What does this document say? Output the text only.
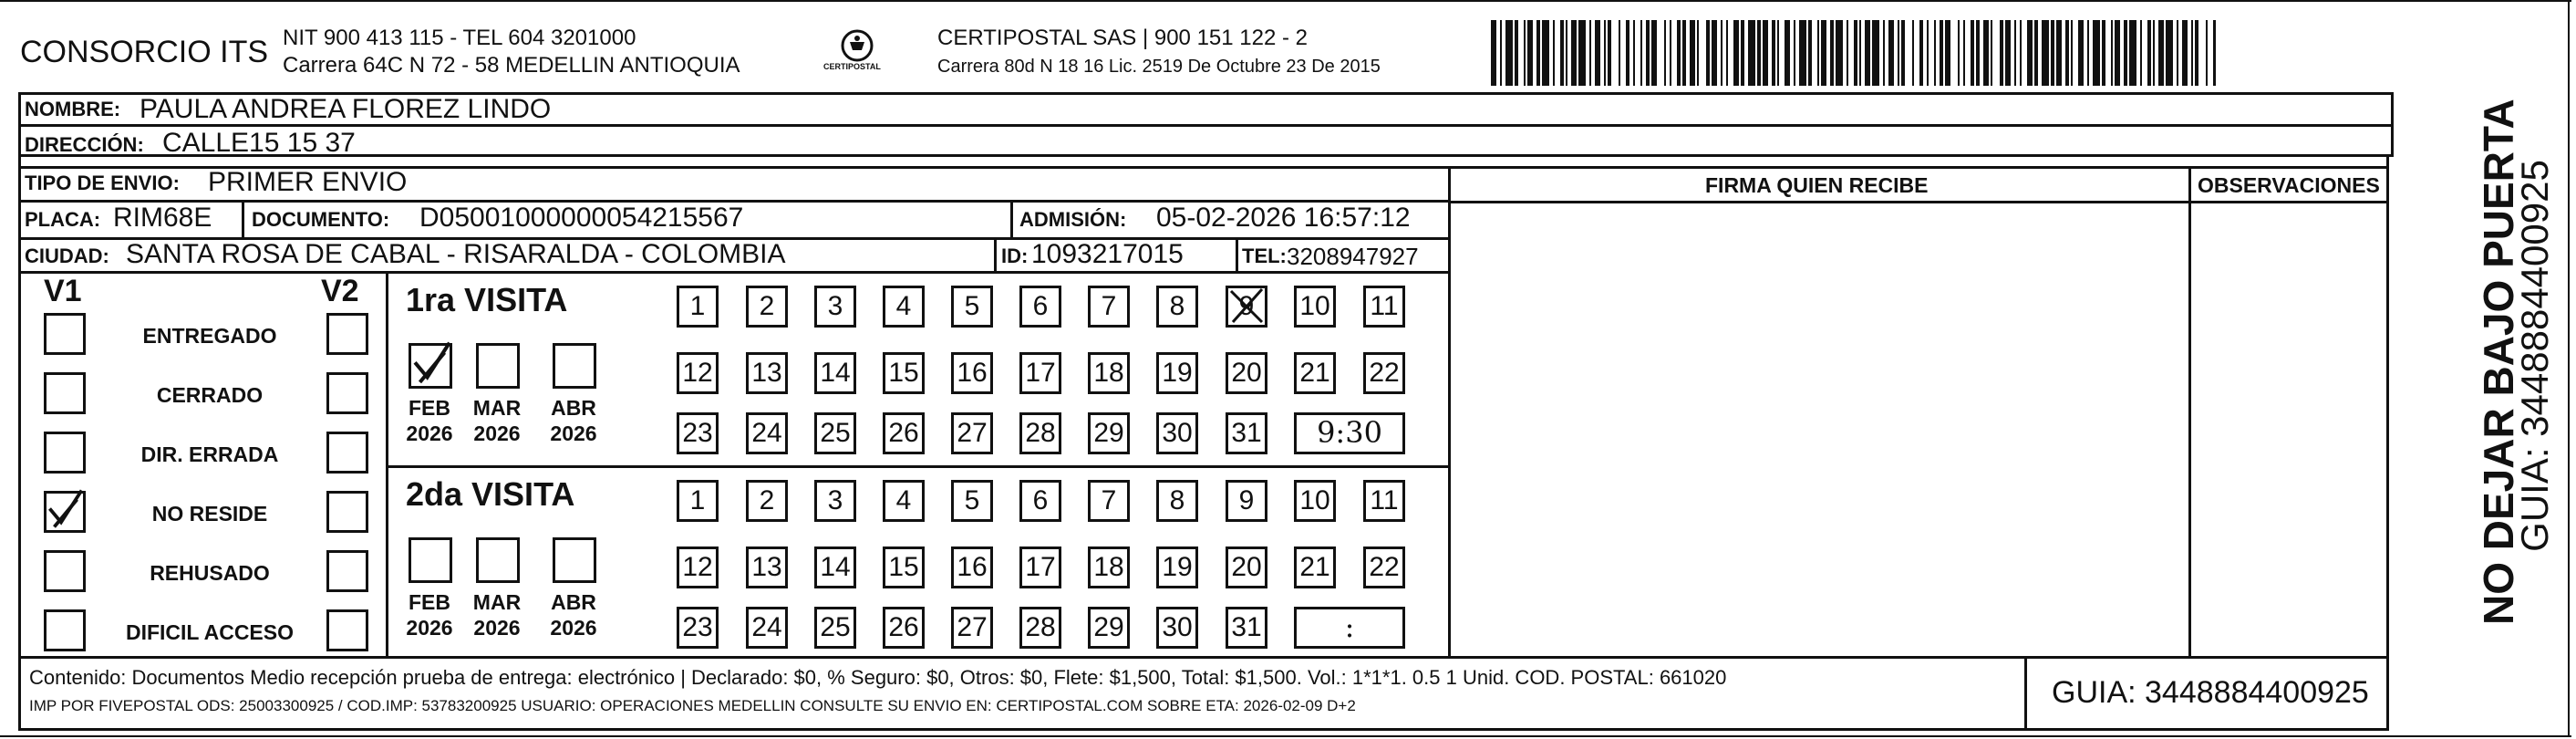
CONSORCIO ITS NIT 900 413 115 - TEL 604 3201000
Carrera 64C N 72 - 58 MEDELLIN ANTIOQUIA	CERTIPOSTAL
CERTIPOSTAL SAS | 900 151 122 - 2
Carrera 80d N 18 16 Lic. 2519 De Octubre 23 De 2015
NOMBRE: PAULA ANDREA FLOREZ LINDO
DIRECCIÓN: CALLE15 15 37
TIPO DE ENVIO: PRIMER ENVIO	FIRMA QUIEN RECIBE	OBSERVACIONES
PLACA: RIM68E DOCUMENTO: D05001000000054215567	ADMISIÓN: 05-02-2026 16:57:12
CIUDAD: SANTA ROSA DE CABAL - RISARALDA - COLOMBIA	ID: 1093217015	TEL: 3208947927
V1	V2
ENTREGADO
CERRADO
DIR. ERRADA
NO RESIDE
REHUSADO
DIFICIL ACCESO
1ra VISITA
FEB
2026
MAR
2026
ABR
2026
1	2	3	4	5	6	7	8	9	10 11
12 13 14 15 16 17 18 19 20 21 22
23 24 25 26 27 28 29 30 31	9:30
2da VISITA
FEB
2026
MAR
2026
ABR
2026
1	2	3	4	5	6	7	8	9	10 11
12 13 14 15 16 17 18 19 20 21 22
23 24 25 26 27 28 29 30 31	:
Contenido: Documentos Medio recepción prueba de entrega: electrónico | Declarado: $0, % Seguro: $0, Otros: $0, Flete: $1,500, Total: $1,500. Vol.: 1*1*1. 0.5 1 Unid. COD. POSTAL: 661020
IMP POR FIVEPOSTAL ODS: 25003300925 / COD.IMP: 53783200925 USUARIO: OPERACIONES MEDELLIN CONSULTE SU ENVIO EN: CERTIPOSTAL.COM SOBRE ETA: 2026-02-09 D+2	GUIA: 3448884400925
NO DEJAR BAJO PUERTA
GUIA: 3448884400925
